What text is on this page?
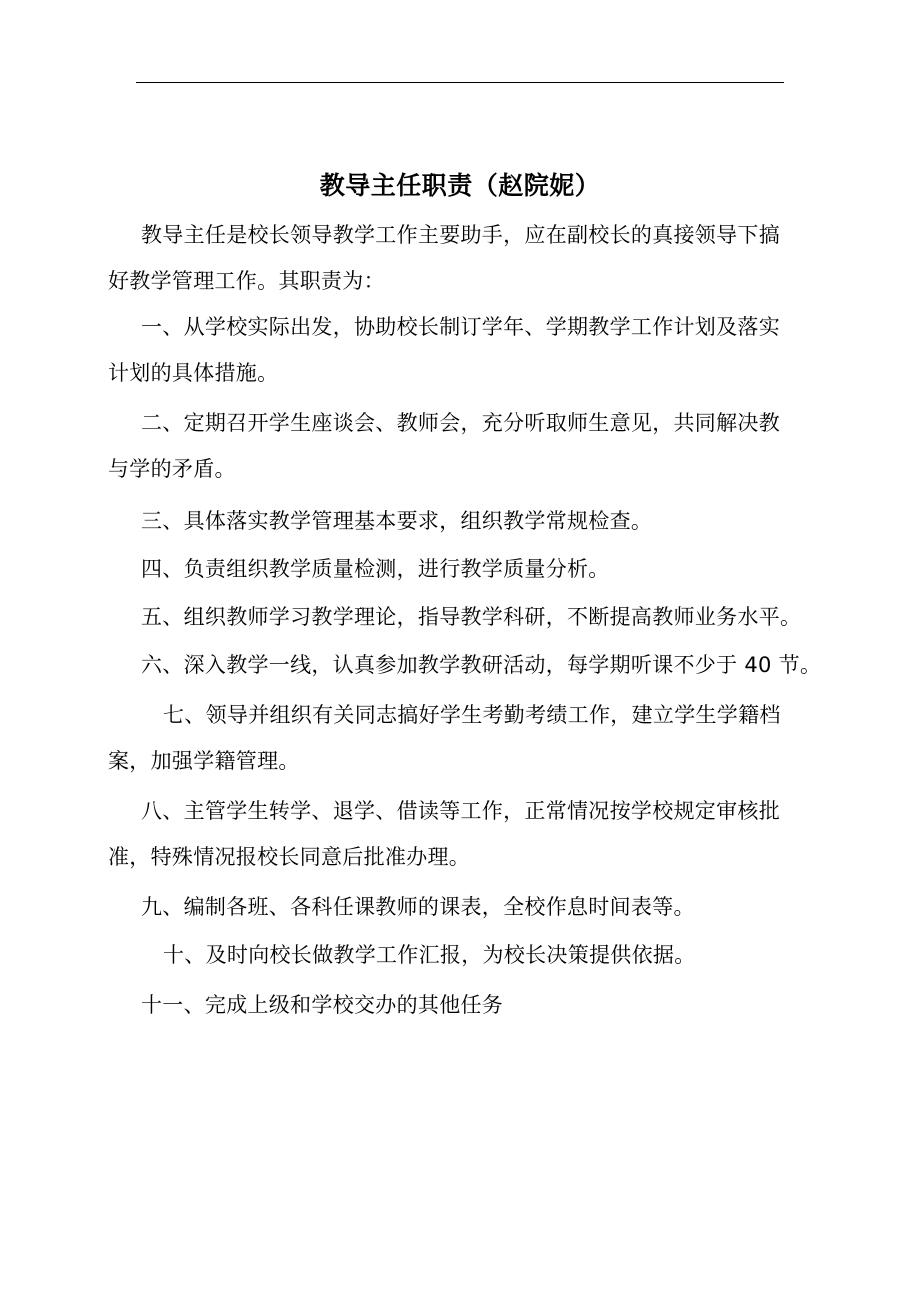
教导主任职责（赵院妮）
教导主任是校长领导教学工作主要助手，应在副校长的真接领导下搞
好教学管理工作。其职责为：
一、从学校实际出发，协助校长制订学年、学期教学工作计划及落实
计划的具体措施。
二、定期召开学生座谈会、教师会，充分听取师生意见，共同解决教
与学的矛盾。
三、具体落实教学管理基本要求，组织教学常规检查。
四、负责组织教学质量检测，进行教学质量分析。
五、组织教师学习教学理论，指导教学科研，不断提高教师业务水平。
六、深入教学一线，认真参加教学教研活动，每学期听课不少于 40 节。
七、领导并组织有关同志搞好学生考勤考绩工作，建立学生学籍档
案，加强学籍管理。
八、主管学生转学、退学、借读等工作，正常情况按学校规定审核批
准，特殊情况报校长同意后批准办理。
九、编制各班、各科任课教师的课表，全校作息时间表等。
十、及时向校长做教学工作汇报，为校长决策提供依据。
十一、完成上级和学校交办的其他任务
